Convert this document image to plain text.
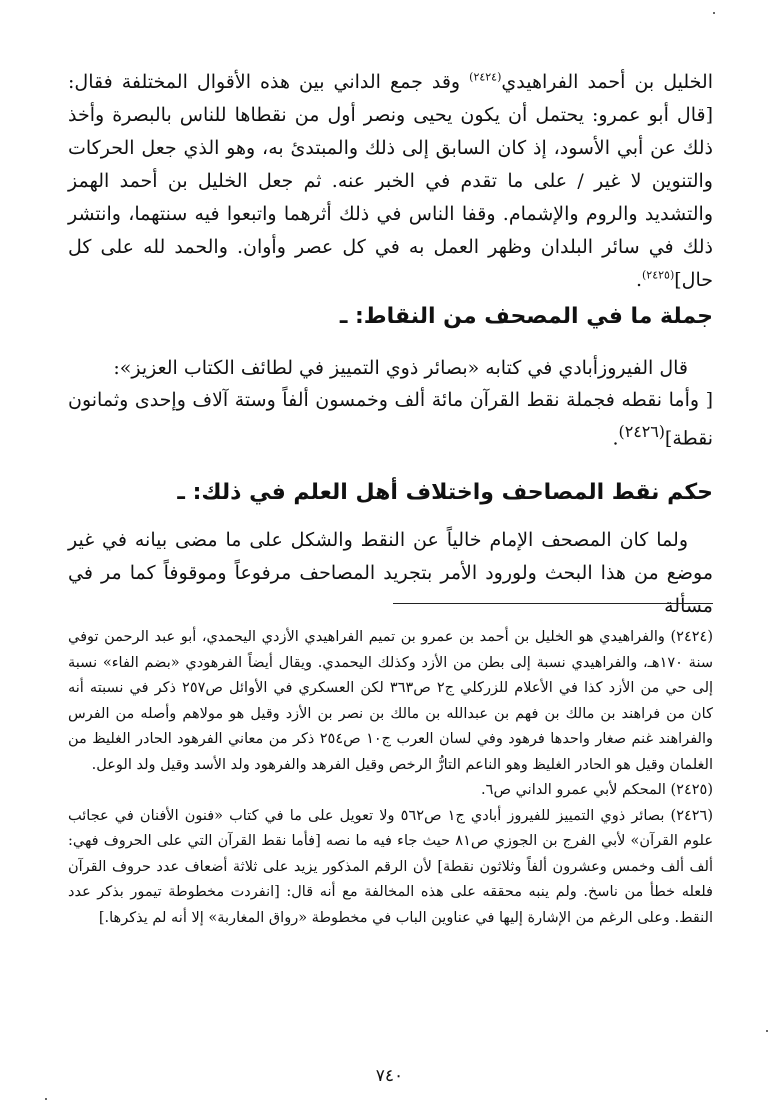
الخليل بن أحمد الفراهيدي$^{(٢٤٢٤)}$ وقد جمع الداني بين هذه الأقوال المختلفة فقال: [قال أبو عمرو: يحتمل أن يكون يحيى ونصر أول من نقطاها للناس بالبصرة وأخذ ذلك عن أبي الأسود، إذ كان السابق إلى ذلك والمبتدئ به، وهو الذي جعل الحركات والتنوين لا غير / على ما تقدم في الخبر عنه. ثم جعل الخليل بن أحمد الهمز والتشديد والروم والإشمام. وقفا الناس في ذلك أثرهما واتبعوا فيه سنتهما، وانتشر ذلك في سائر البلدان وظهر العمل به في كل عصر وأوان. والحمد لله على كل حال]$^{(٢٤٢٥)}$.
جملة ما في المصحف من النقاط: ـ
قال الفيروزأبادي في كتابه «بصائر ذوي التمييز في لطائف الكتاب العزيز»:
[ وأما نقطه فجملة نقط القرآن مائة ألف وخمسون ألفاً وستة آلاف وإحدى وثمانون نقطة]$^{(٢٤٢٦)}$.
حكم نقط المصاحف واختلاف أهل العلم في ذلك: ـ
ولما كان المصحف الإمام خالياً عن النقط والشكل على ما مضى بيانه في غير موضع من هذا البحث ولورود الأمر بتجريد المصاحف مرفوعاً وموقوفاً كما مر في مسألة

(٢٤٢٤) والفراهيدي هو الخليل بن أحمد بن عمرو بن تميم الفراهيدي الأزدي اليحمدي، أبو عبد الرحمن توفي سنة ١٧٠هـ، والفراهيدي نسبة إلى بطن من الأزد وكذلك اليحمدي. ويقال أيضاً الفرهودي «بضم الفاء» نسبة إلى حي من الأزد كذا في الأعلام للزركلي ج٢ ص٣٦٣ لكن العسكري في الأوائل ص٢٥٧ ذكر في نسبته أنه كان من فراهند بن مالك بن فهم بن عبدالله بن مالك بن نصر بن الأزد وقيل هو مولاهم وأصله من الفرس والفراهند غنم صغار واحدها فرهود وفي لسان العرب ج١٠ ص٢٥٤ ذكر من معاني الفرهود الحادر الغليظ من الغلمان وقيل هو الحادر الغليظ وهو الناعم التارُّ الرخص وقيل الفرهد والفرهود ولد الأسد وقيل ولد الوعل.

(٢٤٢٥) المحكم لأبي عمرو الداني ص٦.

(٢٤٢٦) بصائر ذوي التمييز للفيروز أبادي ج١ ص٥٦٢ ولا تعويل على ما في كتاب «فنون الأفنان في عجائب علوم القرآن» لأبي الفرج بن الجوزي ص٨١ حيث جاء فيه ما نصه [فأما نقط القرآن التي على الحروف فهي: ألف ألف وخمس وعشرون ألفاً وثلاثون نقطة] لأن الرقم المذكور يزيد على ثلاثة أضعاف عدد حروف القرآن فلعله خطأ من ناسخ. ولم ينبه محققه على هذه المخالفة مع أنه قال: [انفردت مخطوطة تيمور بذكر عدد النقط. وعلى الرغم من الإشارة إليها في عناوين الباب في مخطوطة «رواق المغاربة» إلا أنه لم يذكرها.]

٧٤٠
